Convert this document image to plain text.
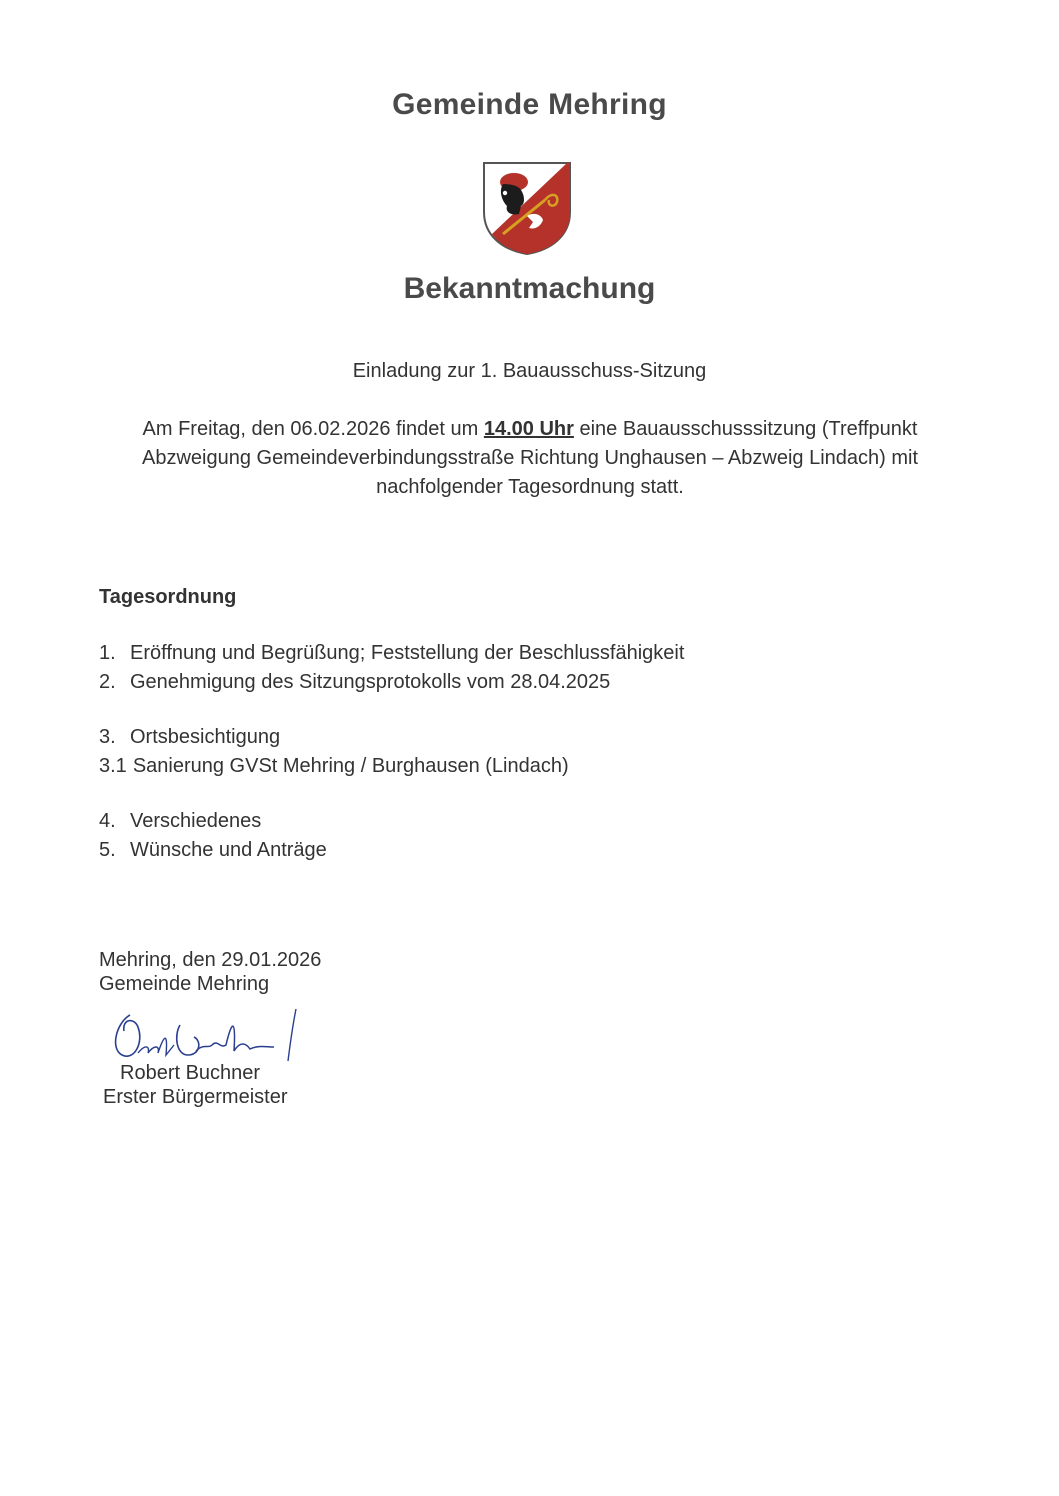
Gemeinde Mehring
Bekanntmachung
Einladung zur 1. Bauausschuss-Sitzung
Am Freitag, den 06.02.2026 findet um 14.00 Uhr eine Bauausschusssitzung (Treffpunkt Abzweigung Gemeindeverbindungsstraße Richtung Unghausen – Abzweig Lindach) mit nachfolgender Tagesordnung statt.
Tagesordnung
1. Eröffnung und Begrüßung; Feststellung der Beschlussfähigkeit
2. Genehmigung des Sitzungsprotokolls vom 28.04.2025
3. Ortsbesichtigung
3.1 Sanierung GVSt Mehring / Burghausen (Lindach)
4. Verschiedenes
5. Wünsche und Anträge
Mehring, den 29.01.2026
Gemeinde Mehring
Robert Buchner
Erster Bürgermeister
